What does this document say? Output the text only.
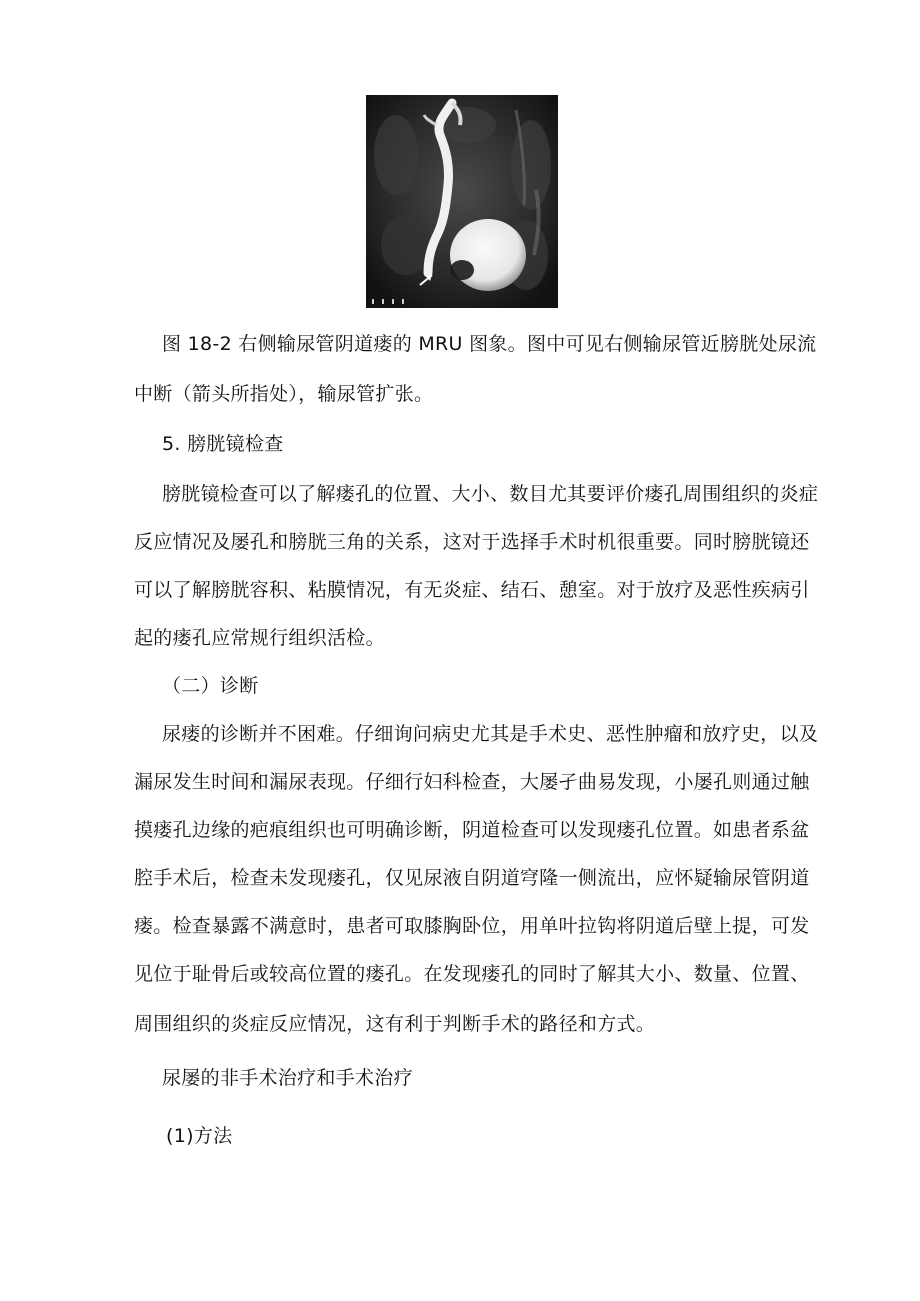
图 18-2 右侧输尿管阴道瘘的 MRU 图象。图中可见右侧输尿管近膀胱处尿流
中断（箭头所指处），输尿管扩张。
5. 膀胱镜检查
膀胱镜检查可以了解瘘孔的位置、大小、数目尤其要评价瘘孔周围组织的炎症
反应情况及屡孔和膀胱三角的关系，这对于选择手术时机很重要。同时膀胱镜还
可以了解膀胱容积、粘膜情况，有无炎症、结石、憩室。对于放疗及恶性疾病引
起的瘘孔应常规行组织活检。
（二）诊断
尿瘘的诊断并不困难。仔细询问病史尤其是手术史、恶性肿瘤和放疗史，以及
漏尿发生时间和漏尿表现。仔细行妇科检查，大屡孑曲易发现，小屡孔则通过触
摸瘘孔边缘的疤痕组织也可明确诊断，阴道检查可以发现瘘孔位置。如患者系盆
腔手术后，检查未发现瘘孔，仅见尿液自阴道穹隆一侧流出，应怀疑输尿管阴道
瘘。检查暴露不满意时，患者可取膝胸卧位，用单叶拉钩将阴道后壁上提，可发
见位于耻骨后或较高位置的瘘孔。在发现瘘孔的同时了解其大小、数量、位置、
周围组织的炎症反应情况，这有利于判断手术的路径和方式。
尿屡的非手术治疗和手术治疗
(1)方法
